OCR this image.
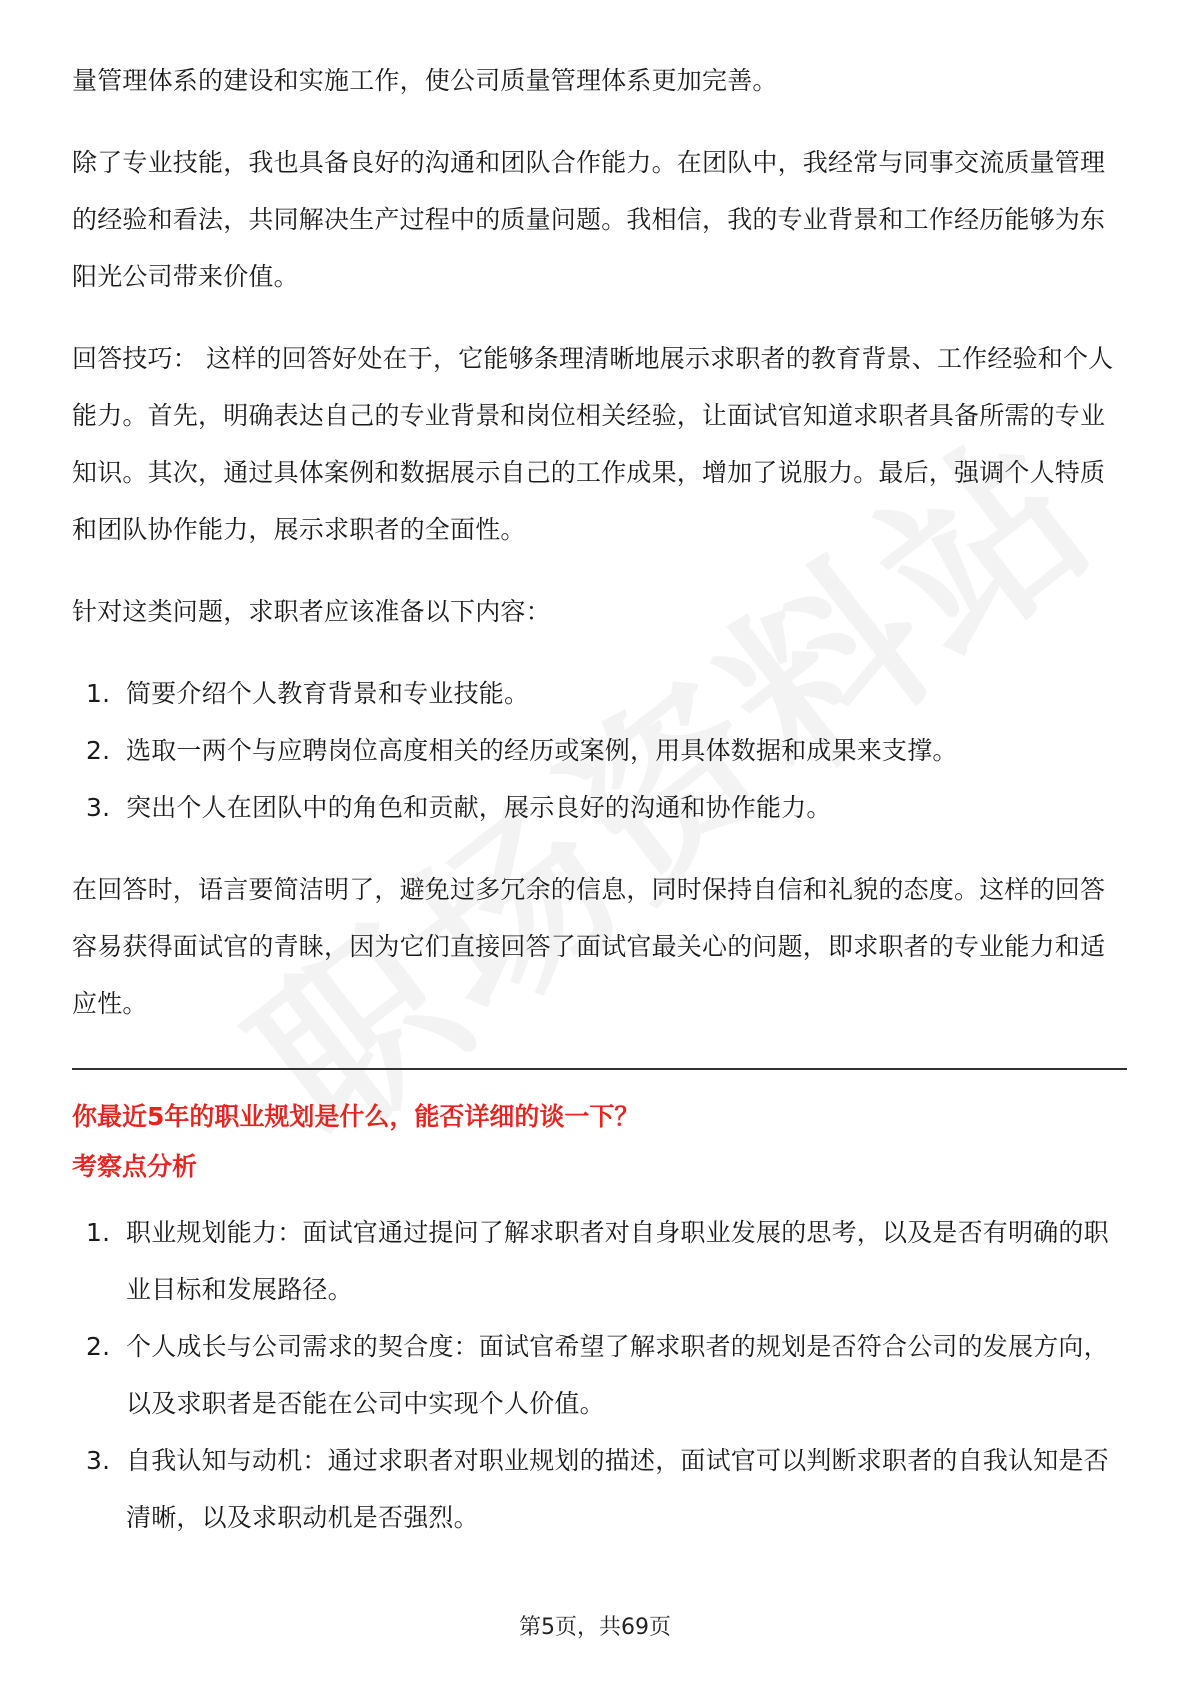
量管理体系的建设和实施工作，使公司质量管理体系更加完善。

除了专业技能，我也具备良好的沟通和团队合作能力。在团队中，我经常与同事交流质量管理的经验和看法，共同解决生产过程中的质量问题。我相信，我的专业背景和工作经历能够为东阳光公司带来价值。

回答技巧： 这样的回答好处在于，它能够条理清晰地展示求职者的教育背景、工作经验和个人能力。首先，明确表达自己的专业背景和岗位相关经验，让面试官知道求职者具备所需的专业知识。其次，通过具体案例和数据展示自己的工作成果，增加了说服力。最后，强调个人特质和团队协作能力，展示求职者的全面性。

针对这类问题，求职者应该准备以下内容：

1. 简要介绍个人教育背景和专业技能。
2. 选取一两个与应聘岗位高度相关的经历或案例，用具体数据和成果来支撑。
3. 突出个人在团队中的角色和贡献，展示良好的沟通和协作能力。

在回答时，语言要简洁明了，避免过多冗余的信息，同时保持自信和礼貌的态度。这样的回答容易获得面试官的青睐，因为它们直接回答了面试官最关心的问题，即求职者的专业能力和适应性。

你最近5年的职业规划是什么，能否详细的谈一下？

考察点分析

1. 职业规划能力：面试官通过提问了解求职者对自身职业发展的思考，以及是否有明确的职业目标和发展路径。
2. 个人成长与公司需求的契合度：面试官希望了解求职者的规划是否符合公司的发展方向，以及求职者是否能在公司中实现个人价值。
3. 自我认知与动机：通过求职者对职业规划的描述，面试官可以判断求职者的自我认知是否清晰，以及求职动机是否强烈。
第5页，共69页
